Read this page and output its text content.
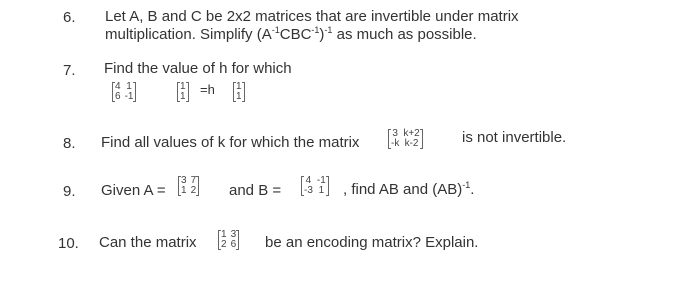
6. Let A, B and C be 2x2 matrices that are invertible under matrix
multiplication. Simplify $(A^{-1}CBC^{-1})^{-1}$ as much as possible.
7. Find the value of h for which
4 1
6 -1
1
1 =h 1
1
8. Find all values of k for which the matrix
3 k+2
-k k-2	is not invertible.
9. Given A =
3 7
1 2 and B =
4 -1
-3 1 , find AB and (AB)$^{-1}$.
10. Can the matrix 1 3
2 6 be an encoding matrix? Explain.
